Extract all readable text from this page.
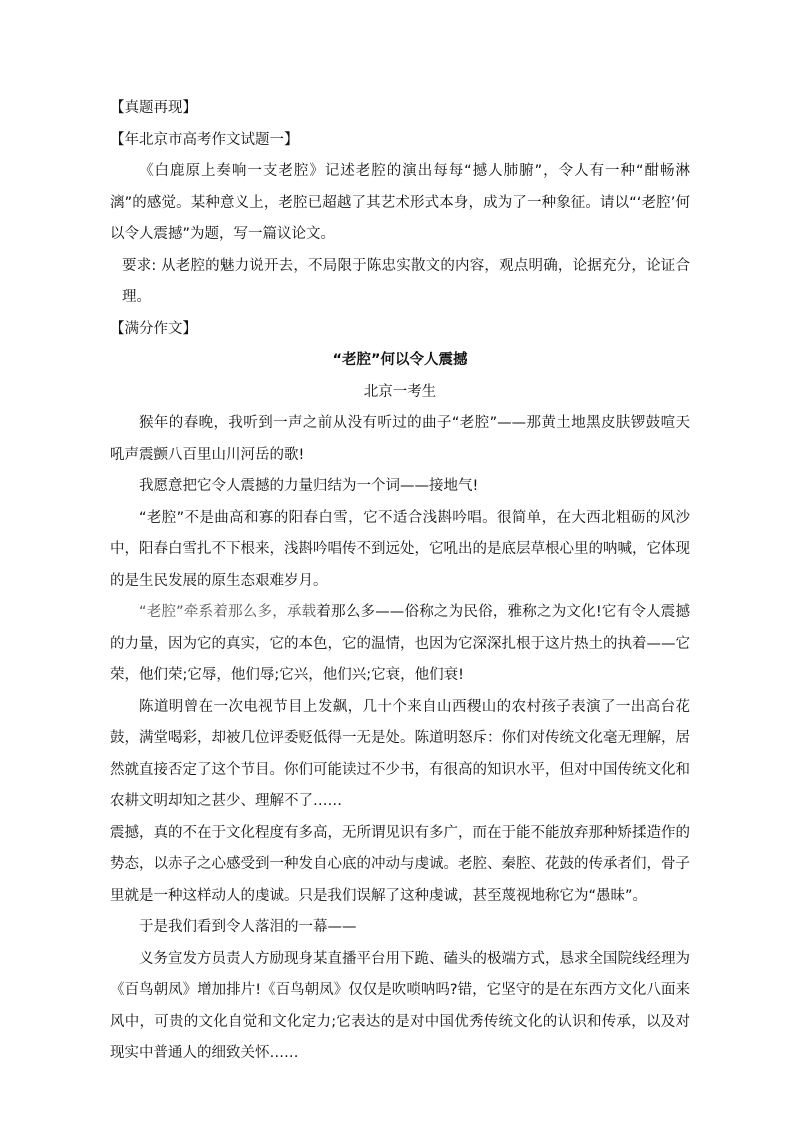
【真题再现】

【年北京市高考作文试题一】

《白鹿原上奏响一支老腔》记述老腔的演出每每“撼人肺腑”，令人有一种“酣畅淋漓”的感觉。某种意义上，老腔已超越了其艺术形式本身，成为了一种象征。请以“‘老腔’何以令人震撼”为题，写一篇议论文。

要求: 从老腔的魅力说开去，不局限于陈忠实散文的内容，观点明确，论据充分，论证合理。

【满分作文】

“老腔”何以令人震撼

北京一考生

猴年的春晚，我听到一声之前从没有听过的曲子“老腔”——那黄土地黑皮肤锣鼓喧天吼声震颤八百里山川河岳的歌!

我愿意把它令人震撼的力量归结为一个词——接地气!

“老腔”不是曲高和寡的阳春白雪，它不适合浅斟吟唱。很简单，在大西北粗砺的风沙中，阳春白雪扎不下根来，浅斟吟唱传不到远处，它吼出的是底层草根心里的呐喊，它体现的是生民发展的原生态艰难岁月。

“老腔”牵系着那么多，承载着那么多——俗称之为民俗，雅称之为文化!它有令人震撼的力量，因为它的真实，它的本色，它的温情，也因为它深深扎根于这片热土的执着——它荣，他们荣;它辱，他们辱;它兴，他们兴;它衰，他们衰!

陈道明曾在一次电视节目上发飙，几十个来自山西稷山的农村孩子表演了一出高台花鼓，满堂喝彩，却被几位评委贬低得一无是处。陈道明怒斥：你们对传统文化毫无理解，居然就直接否定了这个节目。你们可能读过不少书，有很高的知识水平，但对中国传统文化和农耕文明却知之甚少、理解不了……

震撼，真的不在于文化程度有多高，无所谓见识有多广，而在于能不能放弃那种矫揉造作的势态，以赤子之心感受到一种发自心底的冲动与虔诚。老腔、秦腔、花鼓的传承者们，骨子里就是一种这样动人的虔诚。只是我们误解了这种虔诚，甚至蔑视地称它为“愚昧”。

于是我们看到令人落泪的一幕——

义务宣发方员责人方励现身某直播平台用下跪、磕头的极端方式，恳求全国院线经理为《百鸟朝凤》增加排片!《百鸟朝凤》仅仅是吹唢呐吗?错，它坚守的是在东西方文化八面来风中，可贵的文化自觉和文化定力;它表达的是对中国优秀传统文化的认识和传承，以及对现实中普通人的细致关怀……
